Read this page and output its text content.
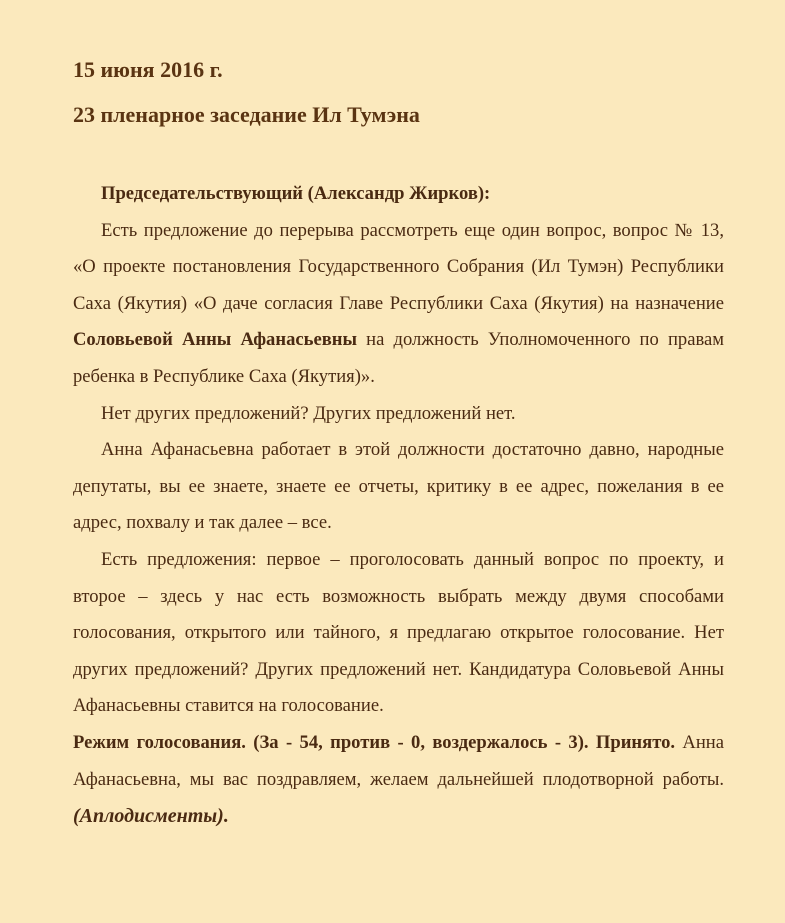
15 июня 2016 г.
23 пленарное заседание Ил Тумэна

Председательствующий (Александр Жирков):

Есть предложение до перерыва рассмотреть еще один вопрос, вопрос № 13, «О проекте постановления Государственного Собрания (Ил Тумэн) Республики Саха (Якутия) «О даче согласия Главе Республики Саха (Якутия) на назначение Соловьевой Анны Афанасьевны на должность Уполномоченного по правам ребенка в Республике Саха (Якутия)».

Нет других предложений? Других предложений нет.

Анна Афанасьевна работает в этой должности достаточно давно, народные депутаты, вы ее знаете, знаете ее отчеты, критику в ее адрес, пожелания в ее адрес, похвалу и так далее – все.

Есть предложения: первое – проголосовать данный вопрос по проекту, и второе – здесь у нас есть возможность выбрать между двумя способами голосования, открытого или тайного, я предлагаю открытое голосование. Нет других предложений? Других предложений нет. Кандидатура Соловьевой Анны Афанасьевны ставится на голосование.

Режим голосования. (За - 54, против - 0, воздержалось - 3). Принято. Анна Афанасьевна, мы вас поздравляем, желаем дальнейшей плодотворной работы. (Аплодисменты).
